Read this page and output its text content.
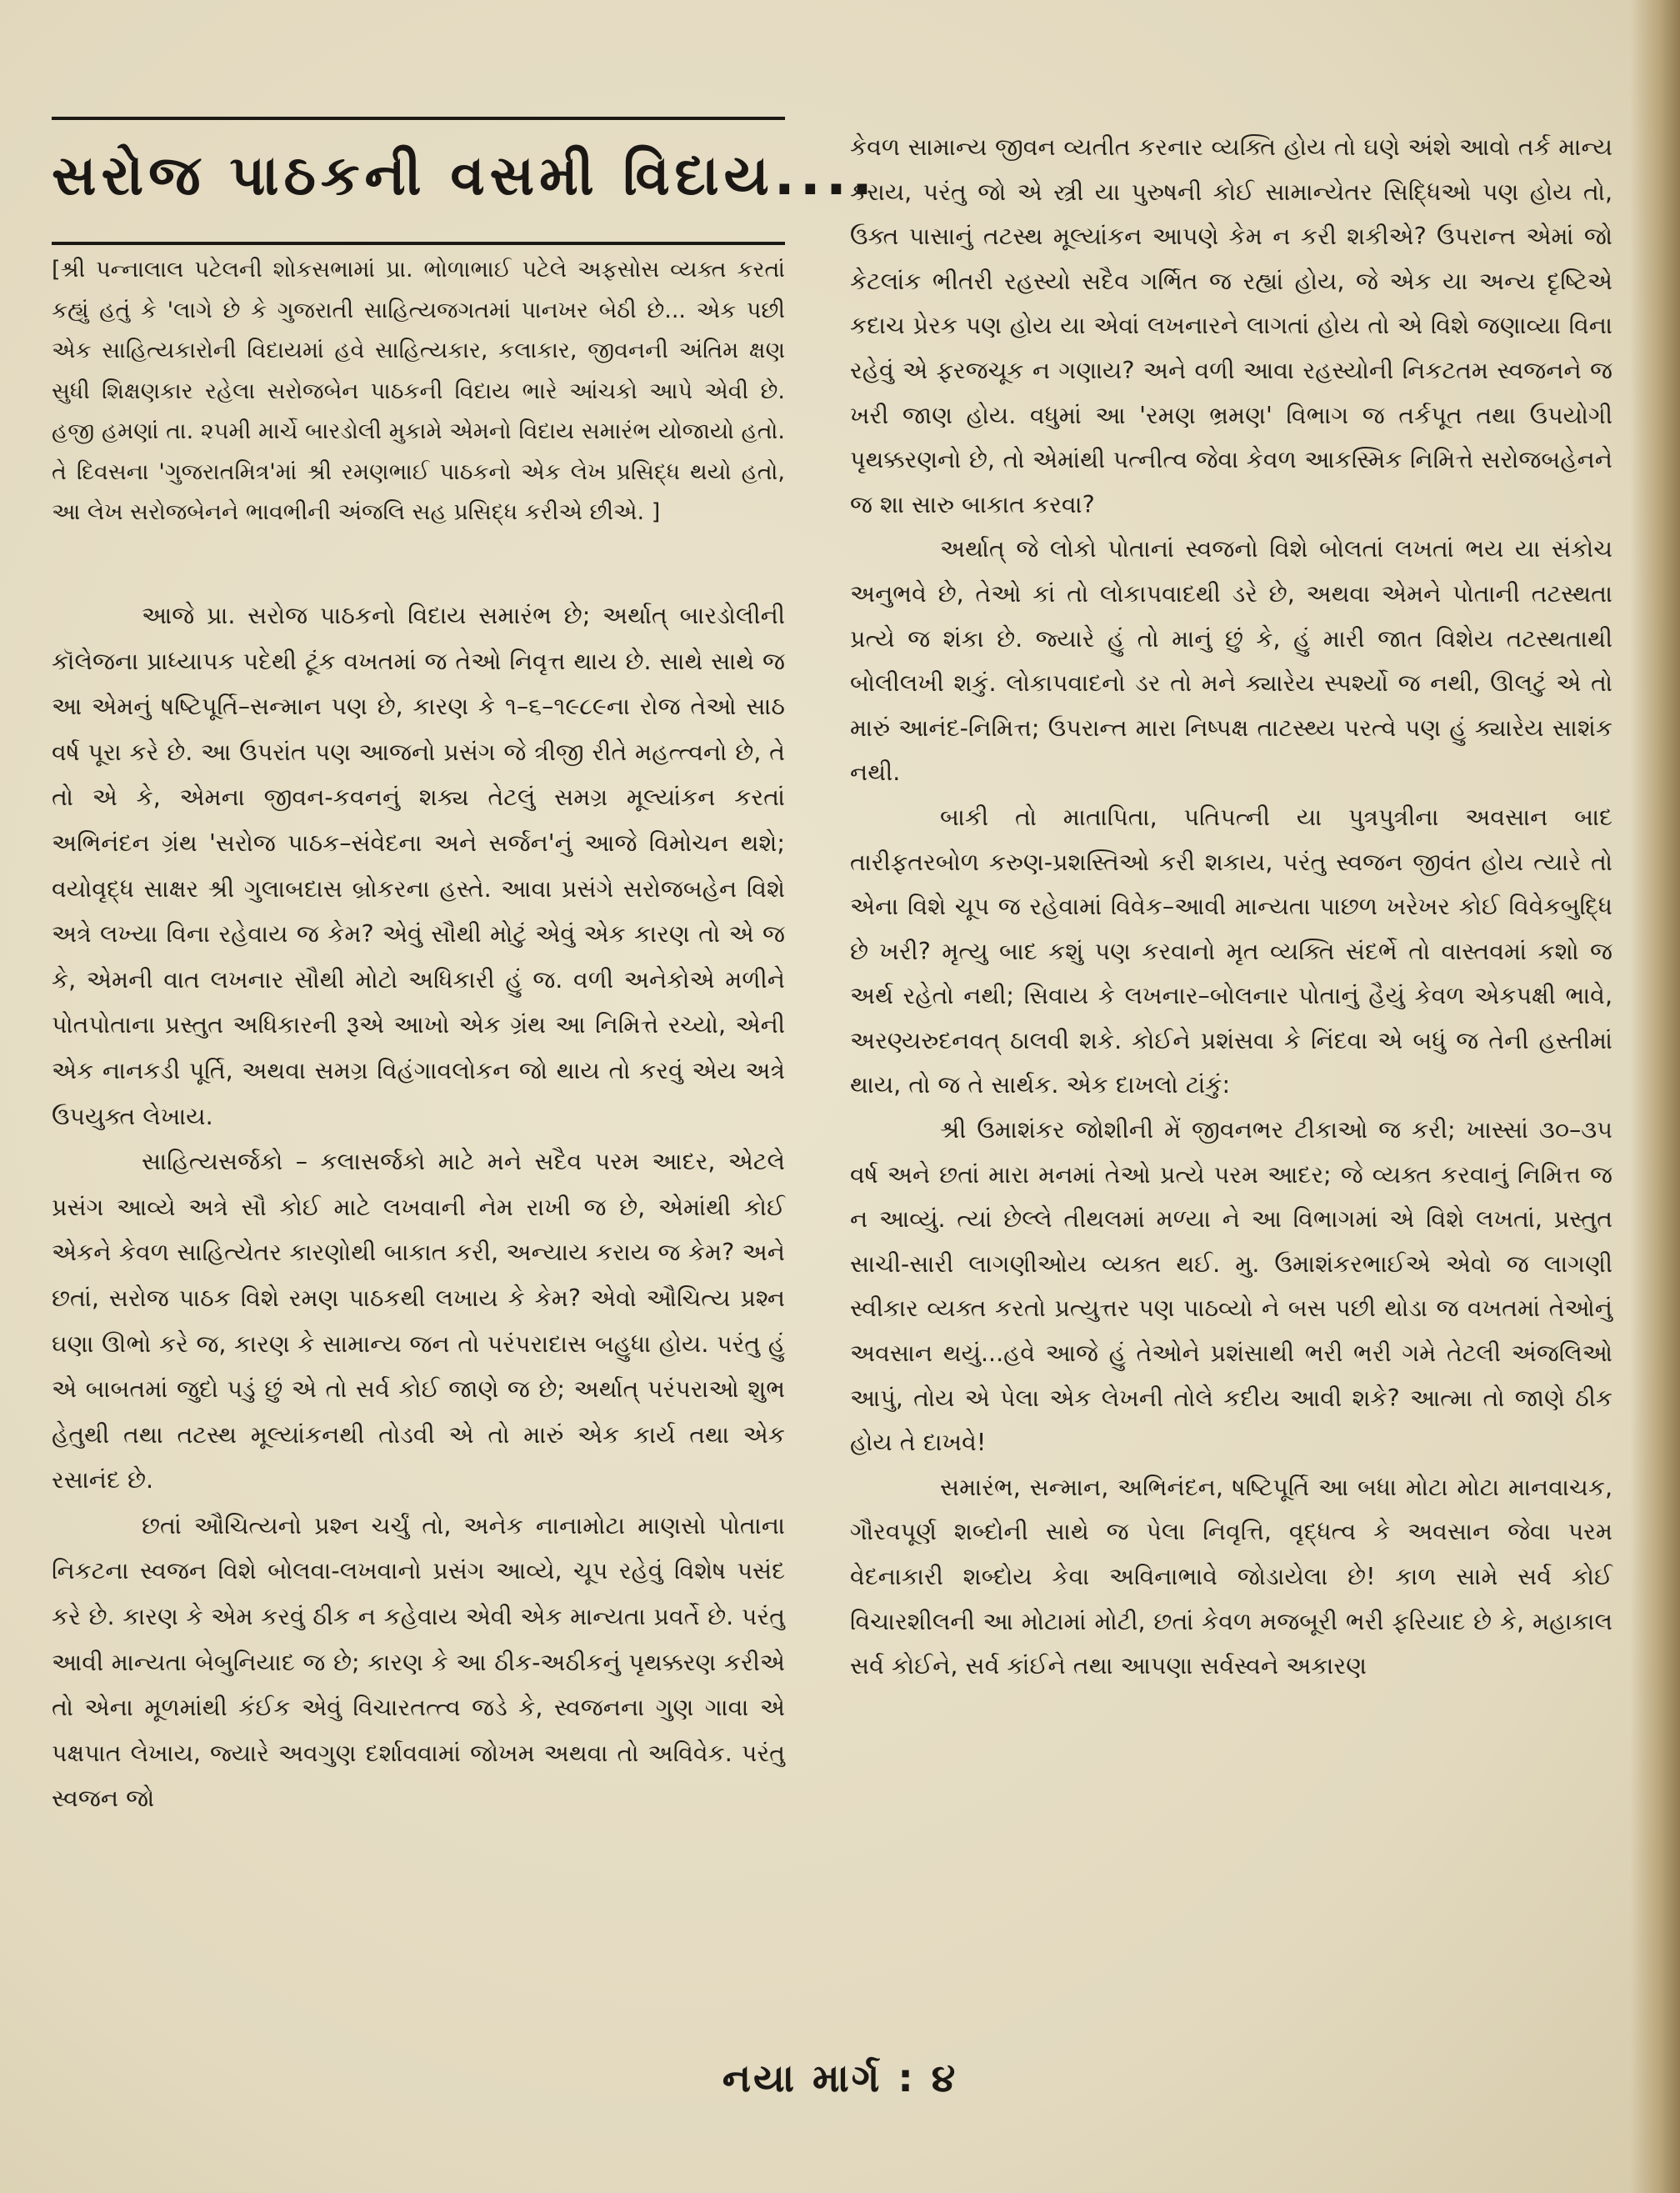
સરોજ પાઠકની વસમી વિદાય....

[શ્રી પન્નાલાલ પટેલની શોકસભામાં પ્રા. ભોળાભાઈ પટેલે અફસોસ વ્યક્ત કરતાં કહ્યું હતું કે 'લાગે છે કે ગુજરાતી સાહિત્યજગતમાં પાનખર બેઠી છે... એક પછી એક સાહિત્યકારોની વિદાયમાં હવે સાહિત્યકાર, કલાકાર, જીવનની અંતિમ ક્ષણ સુધી શિક્ષણકાર રહેલા સરોજબેન પાઠકની વિદાય ભારે આંચકો આપે એવી છે. હજી હમણાં તા. ૨૫મી માર્ચે બારડોલી મુકામે એમનો વિદાય સમારંભ યોજાયો હતો. તે દિવસના 'ગુજરાતમિત્ર'માં શ્રી રમણભાઈ પાઠકનો એક લેખ પ્રસિદ્ધ થયો હતો, આ લેખ સરોજબેનને ભાવભીની અંજલિ સહ પ્રસિદ્ધ કરીએ છીએ. ]

આજે પ્રા. સરોજ પાઠકનો વિદાય સમારંભ છે; અર્થાત્ બારડોલીની કૉલેજના પ્રાધ્યાપક પદેથી ટૂંક વખતમાં જ તેઓ નિવૃત્ત થાય છે. સાથે સાથે જ આ એમનું ષષ્ટિપૂર્તિ–સન્માન પણ છે, કારણ કે ૧–૬–૧૯૮૯ના રોજ તેઓ સાઠ વર્ષ પૂરા કરે છે. આ ઉપરાંત પણ આજનો પ્રસંગ જે ત્રીજી રીતે મહત્ત્વનો છે, તે તો એ કે, એમના જીવન-કવનનું શક્ય તેટલું સમગ્ર મૂલ્યાંકન કરતાં અભિનંદન ગ્રંથ 'સરોજ પાઠક–સંવેદના અને સર્જન'નું આજે વિમોચન થશે; વયોવૃદ્ધ સાક્ષર શ્રી ગુલાબદાસ બ્રોકરના હસ્તે. આવા પ્રસંગે સરોજબહેન વિશે અત્રે લખ્યા વિના રહેવાય જ કેમ? એવું સૌથી મોટું એવું એક કારણ તો એ જ કે, એમની વાત લખનાર સૌથી મોટો અધિકારી હું જ. વળી અનેકોએ મળીને પોતપોતાના પ્રસ્તુત અધિકારની રૂએ આખો એક ગ્રંથ આ નિમિત્તે રચ્યો, એની એક નાનકડી પૂર્તિ, અથવા સમગ્ર વિહંગાવલોકન જો થાય તો કરવું એય અત્રે ઉપયુક્ત લેખાય.

સાહિત્યસર્જકો – કલાસર્જકો માટે મને સદૈવ પરમ આદર, એટલે પ્રસંગ આવ્યે અત્રે સૌ કોઈ માટે લખવાની નેમ રાખી જ છે, એમાંથી કોઈ એકને કેવળ સાહિત્યેતર કારણોથી બાકાત કરી, અન્યાય કરાય જ કેમ? અને છતાં, સરોજ પાઠક વિશે રમણ પાઠકથી લખાય કે કેમ? એવો ઔચિત્ય પ્રશ્ન ઘણા ઊભો કરે જ, કારણ કે સામાન્ય જન તો પરંપરાદાસ બહુધા હોય. પરંતુ હું એ બાબતમાં જુદો પડું છું એ તો સર્વ કોઈ જાણે જ છે; અર્થાત્ પરંપરાઓ શુભ હેતુથી તથા તટસ્થ મૂલ્યાંકનથી તોડવી એ તો મારું એક કાર્ય તથા એક રસાનંદ છે.

છતાં ઔચિત્યનો પ્રશ્ન ચર્ચું તો, અનેક નાનામોટા માણસો પોતાના નિકટના સ્વજન વિશે બોલવા-લખવાનો પ્રસંગ આવ્યે, ચૂપ રહેવું વિશેષ પસંદ કરે છે. કારણ કે એમ કરવું ઠીક ન કહેવાય એવી એક માન્યતા પ્રવર્તે છે. પરંતુ આવી માન્યતા બેબુનિયાદ જ છે; કારણ કે આ ઠીક-અઠીકનું પૃથક્કરણ કરીએ તો એના મૂળમાંથી કંઈક એવું વિચારતત્ત્વ જડે કે, સ્વજનના ગુણ ગાવા એ પક્ષપાત લેખાય, જ્યારે અવગુણ દર્શાવવામાં જોખમ અથવા તો અવિવેક. પરંતુ સ્વજન જો

કેવળ સામાન્ય જીવન વ્યતીત કરનાર વ્યક્તિ હોય તો ઘણે અંશે આવો તર્ક માન્ય કરાય, પરંતુ જો એ સ્ત્રી યા પુરુષની કોઈ સામાન્યેતર સિદ્ધિઓ પણ હોય તો, ઉક્ત પાસાનું તટસ્થ મૂલ્યાંકન આપણે કેમ ન કરી શકીએ? ઉપરાન્ત એમાં જો કેટલાંક ભીતરી રહસ્યો સદૈવ ગર્ભિત જ રહ્યાં હોય, જે એક યા અન્ય દૃષ્ટિએ કદાચ પ્રેરક પણ હોય યા એવાં લખનારને લાગતાં હોય તો એ વિશે જણાવ્યા વિના રહેવું એ ફરજચૂક ન ગણાય? અને વળી આવા રહસ્યોની નિકટતમ સ્વજનને જ ખરી જાણ હોય. વધુમાં આ 'રમણ ભ્રમણ' વિભાગ જ તર્કપૂત તથા ઉપયોગી પૃથક્કરણનો છે, તો એમાંથી પત્નીત્વ જેવા કેવળ આકસ્મિક નિમિત્તે સરોજબહેનને જ શા સારુ બાકાત કરવા?

અર્થાત્ જે લોકો પોતાનાં સ્વજનો વિશે બોલતાં લખતાં ભય યા સંકોચ અનુભવે છે, તેઓ કાં તો લોકાપવાદથી ડરે છે, અથવા એમને પોતાની તટસ્થતા પ્રત્યે જ શંકા છે. જ્યારે હું તો માનું છું કે, હું મારી જાત વિશેય તટસ્થતાથી બોલીલખી શકું. લોકાપવાદનો ડર તો મને ક્યારેય સ્પર્શ્યો જ નથી, ઊલટું એ તો મારું આનંદ-નિમિત્ત; ઉપરાન્ત મારા નિષ્પક્ષ તાટસ્થ્ય પરત્વે પણ હું ક્યારેય સાશંક નથી.

બાકી તો માતાપિતા, પતિપત્ની યા પુત્રપુત્રીના અવસાન બાદ તારીફતરબોળ કરુણ-પ્રશસ્તિઓ કરી શકાય, પરંતુ સ્વજન જીવંત હોય ત્યારે તો એના વિશે ચૂપ જ રહેવામાં વિવેક–આવી માન્યતા પાછળ ખરેખર કોઈ વિવેકબુદ્ધિ છે ખરી? મૃત્યુ બાદ કશું પણ કરવાનો મૃત વ્યક્તિ સંદર્ભે તો વાસ્તવમાં કશો જ અર્થ રહેતો નથી; સિવાય કે લખનાર–બોલનાર પોતાનું હૈયું કેવળ એકપક્ષી ભાવે, અરણ્યરુદનવત્ ઠાલવી શકે. કોઈને પ્રશંસવા કે નિંદવા એ બધું જ તેની હસ્તીમાં થાય, તો જ તે સાર્થક. એક દાખલો ટાંકું:

શ્રી ઉમાશંકર જોશીની મેં જીવનભર ટીકાઓ જ કરી; ખાસ્સાં ૩૦–૩૫ વર્ષ અને છતાં મારા મનમાં તેઓ પ્રત્યે પરમ આદર; જે વ્યક્ત કરવાનું નિમિત્ત જ ન આવ્યું. ત્યાં છેલ્લે તીથલમાં મળ્યા ને આ વિભાગમાં એ વિશે લખતાં, પ્રસ્તુત સાચી-સારી લાગણીઓય વ્યક્ત થઈ. મુ. ઉમાશંકરભાઈએ એવો જ લાગણી સ્વીકાર વ્યક્ત કરતો પ્રત્યુત્તર પણ પાઠવ્યો ને બસ પછી થોડા જ વખતમાં તેઓનું અવસાન થયું...હવે આજે હું તેઓને પ્રશંસાથી ભરી ભરી ગમે તેટલી અંજલિઓ આપું, તોય એ પેલા એક લેખની તોલે કદીય આવી શકે? આત્મા તો જાણે ઠીક હોય તે દાખવે!

સમારંભ, સન્માન, અભિનંદન, ષષ્ટિપૂર્તિ આ બધા મોટા મોટા માનવાચક, ગૌરવપૂર્ણ શબ્દોની સાથે જ પેલા નિવૃત્તિ, વૃદ્ધત્વ કે અવસાન જેવા પરમ વેદનાકારી શબ્દોય કેવા અવિનાભાવે જોડાયેલા છે! કાળ સામે સર્વ કોઈ વિચારશીલની આ મોટામાં મોટી, છતાં કેવળ મજબૂરી ભરી ફરિયાદ છે કે, મહાકાલ સર્વ કોઈને, સર્વ કાંઈને તથા આપણા સર્વસ્વને અકારણ

નયા માર્ગ : ૪
